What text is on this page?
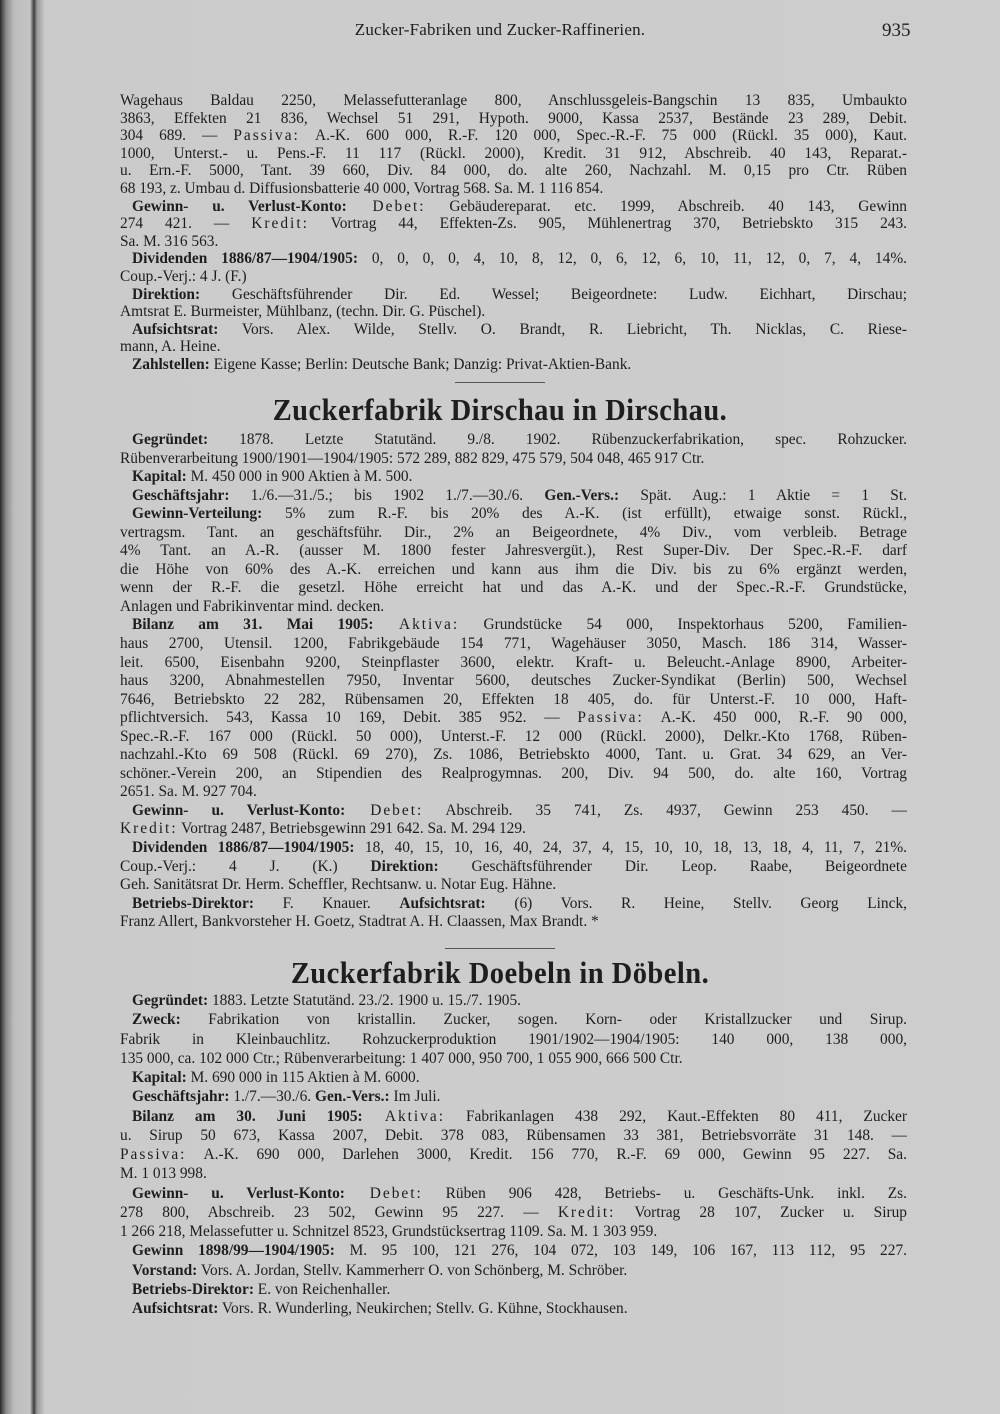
Zucker-Fabriken und Zucker-Raffinerien.	935
Wagehaus Baldau 2250, Melassefutteranlage 800, Anschlussgeleis-Bangschin 13 835, Umbaukto
3863, Effekten 21 836, Wechsel 51 291, Hypoth. 9000, Kassa 2537, Bestände 23 289, Debit.
304 689. — Passiva: A.-K. 600 000, R.-F. 120 000, Spec.-R.-F. 75 000 (Rückl. 35 000), Kaut.
1000, Unterst.- u. Pens.-F. 11 117 (Rückl. 2000), Kredit. 31 912, Abschreib. 40 143, Reparat.-
u. Ern.-F. 5000, Tant. 39 660, Div. 84 000, do. alte 260, Nachzahl. M. 0,15 pro Ctr. Rüben
68 193, z. Umbau d. Diffusionsbatterie 40 000, Vortrag 568. Sa. M. 1 116 854.
Gewinn- u. Verlust-Konto: Debet: Gebäudereparat. etc. 1999, Abschreib. 40 143, Gewinn
274 421. — Kredit: Vortrag 44, Effekten-Zs. 905, Mühlenertrag 370, Betriebskto 315 243.
Sa. M. 316 563.
Dividenden 1886/87—1904/1905: 0, 0, 0, 0, 4, 10, 8, 12, 0, 6, 12, 6, 10, 11, 12, 0, 7, 4, 14%.
Coup.-Verj.: 4 J. (F.)
Direktion: Geschäftsführender Dir. Ed. Wessel; Beigeordnete: Ludw. Eichhart, Dirschau;
Amtsrat E. Burmeister, Mühlbanz, (techn. Dir. G. Püschel).
Aufsichtsrat: Vors. Alex. Wilde, Stellv. O. Brandt, R. Liebricht, Th. Nicklas, C. Riese-
mann, A. Heine.
Zahlstellen: Eigene Kasse; Berlin: Deutsche Bank; Danzig: Privat-Aktien-Bank.
Zuckerfabrik Dirschau in Dirschau.
Gegründet: 1878. Letzte Statutänd. 9./8. 1902. Rübenzuckerfabrikation, spec. Rohzucker.
Rübenverarbeitung 1900/1901—1904/1905: 572 289, 882 829, 475 579, 504 048, 465 917 Ctr.
Kapital: M. 450 000 in 900 Aktien à M. 500.
Geschäftsjahr: 1./6.—31./5.; bis 1902 1./7.—30./6. Gen.-Vers.: Spät. Aug.: 1 Aktie = 1 St.
Gewinn-Verteilung: 5% zum R.-F. bis 20% des A.-K. (ist erfüllt), etwaige sonst. Rückl.,
vertragsm. Tant. an geschäftsführ. Dir., 2% an Beigeordnete, 4% Div., vom verbleib. Betrage
4% Tant. an A.-R. (ausser M. 1800 fester Jahresvergüt.), Rest Super-Div. Der Spec.-R.-F. darf
die Höhe von 60% des A.-K. erreichen und kann aus ihm die Div. bis zu 6% ergänzt werden,
wenn der R.-F. die gesetzl. Höhe erreicht hat und das A.-K. und der Spec.-R.-F. Grundstücke,
Anlagen und Fabrikinventar mind. decken.
Bilanz am 31. Mai 1905: Aktiva: Grundstücke 54 000, Inspektorhaus 5200, Familien-
haus 2700, Utensil. 1200, Fabrikgebäude 154 771, Wagehäuser 3050, Masch. 186 314, Wasser-
leit. 6500, Eisenbahn 9200, Steinpflaster 3600, elektr. Kraft- u. Beleucht.-Anlage 8900, Arbeiter-
haus 3200, Abnahmestellen 7950, Inventar 5600, deutsches Zucker-Syndikat (Berlin) 500, Wechsel
7646, Betriebskto 22 282, Rübensamen 20, Effekten 18 405, do. für Unterst.-F. 10 000, Haft-
pflichtversich. 543, Kassa 10 169, Debit. 385 952. — Passiva: A.-K. 450 000, R.-F. 90 000,
Spec.-R.-F. 167 000 (Rückl. 50 000), Unterst.-F. 12 000 (Rückl. 2000), Delkr.-Kto 1768, Rüben-
nachzahl.-Kto 69 508 (Rückl. 69 270), Zs. 1086, Betriebskto 4000, Tant. u. Grat. 34 629, an Ver-
schöner.-Verein 200, an Stipendien des Realprogymnas. 200, Div. 94 500, do. alte 160, Vortrag
2651. Sa. M. 927 704.
Gewinn- u. Verlust-Konto: Debet: Abschreib. 35 741, Zs. 4937, Gewinn 253 450. —
Kredit: Vortrag 2487, Betriebsgewinn 291 642. Sa. M. 294 129.
Dividenden 1886/87—1904/1905: 18, 40, 15, 10, 16, 40, 24, 37, 4, 15, 10, 10, 18, 13, 18, 4, 11, 7, 21%.
Coup.-Verj.: 4 J. (K.) Direktion: Geschäftsführender Dir. Leop. Raabe, Beigeordnete
Geh. Sanitätsrat Dr. Herm. Scheffler, Rechtsanw. u. Notar Eug. Hähne.
Betriebs-Direktor: F. Knauer. Aufsichtsrat: (6) Vors. R. Heine, Stellv. Georg Linck,
Franz Allert, Bankvorsteher H. Goetz, Stadtrat A. H. Claassen, Max Brandt. *
Zuckerfabrik Doebeln in Döbeln.
Gegründet: 1883. Letzte Statutänd. 23./2. 1900 u. 15./7. 1905.
Zweck: Fabrikation von kristallin. Zucker, sogen. Korn- oder Kristallzucker und Sirup.
Fabrik in Kleinbauchlitz. Rohzuckerproduktion 1901/1902—1904/1905: 140 000, 138 000,
135 000, ca. 102 000 Ctr.; Rübenverarbeitung: 1 407 000, 950 700, 1 055 900, 666 500 Ctr.
Kapital: M. 690 000 in 115 Aktien à M. 6000.
Geschäftsjahr: 1./7.—30./6. Gen.-Vers.: Im Juli.
Bilanz am 30. Juni 1905: Aktiva: Fabrikanlagen 438 292, Kaut.-Effekten 80 411, Zucker
u. Sirup 50 673, Kassa 2007, Debit. 378 083, Rübensamen 33 381, Betriebsvorräte 31 148. —
Passiva: A.-K. 690 000, Darlehen 3000, Kredit. 156 770, R.-F. 69 000, Gewinn 95 227. Sa.
M. 1 013 998.
Gewinn- u. Verlust-Konto: Debet: Rüben 906 428, Betriebs- u. Geschäfts-Unk. inkl. Zs.
278 800, Abschreib. 23 502, Gewinn 95 227. — Kredit: Vortrag 28 107, Zucker u. Sirup
1 266 218, Melassefutter u. Schnitzel 8523, Grundstücksertrag 1109. Sa. M. 1 303 959.
Gewinn 1898/99—1904/1905: M. 95 100, 121 276, 104 072, 103 149, 106 167, 113 112, 95 227.
Vorstand: Vors. A. Jordan, Stellv. Kammerherr O. von Schönberg, M. Schröber.
Betriebs-Direktor: E. von Reichenhaller.
Aufsichtsrat: Vors. R. Wunderling, Neukirchen; Stellv. G. Kühne, Stockhausen.
